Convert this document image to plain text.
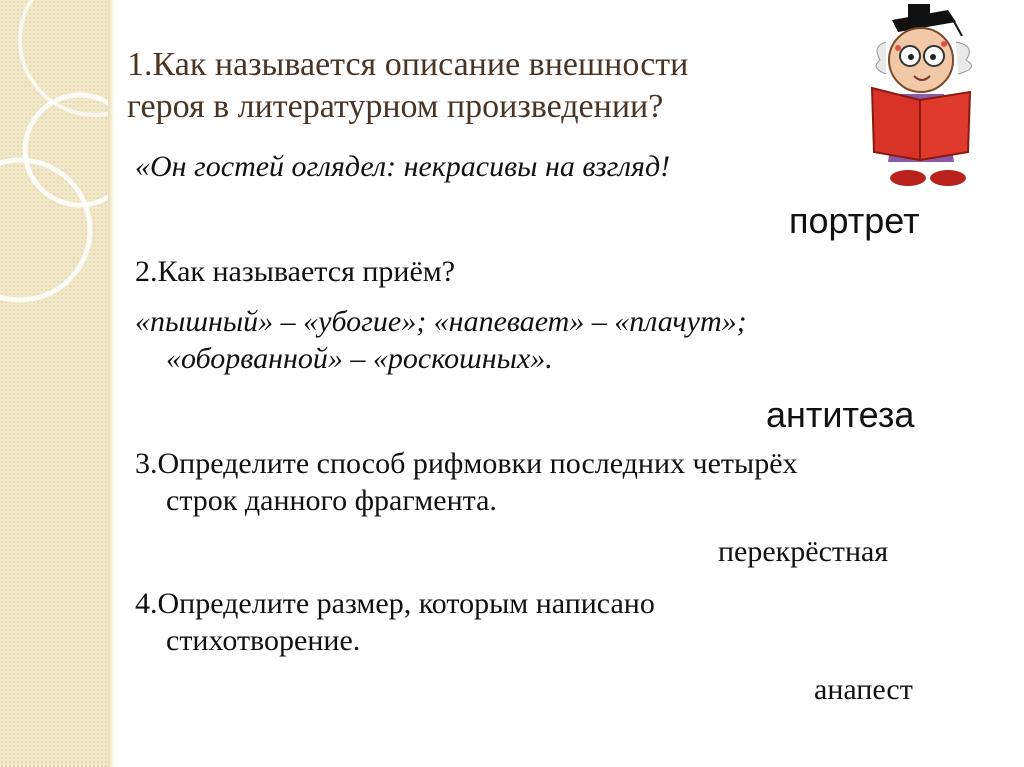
1.Как называется описание внешности
героя в литературном произведении?
«Он гостей оглядел: некрасивы на взгляд!
портрет
2.Как называется приём?
«пышный» – «убогие»; «напевает» – «плачут»;
«оборванной» – «роскошных».
антитеза
3.Определите способ рифмовки последних четырёх
строк данного фрагмента.
перекрёстная
4.Определите размер, которым написано
стихотворение.
анапест
